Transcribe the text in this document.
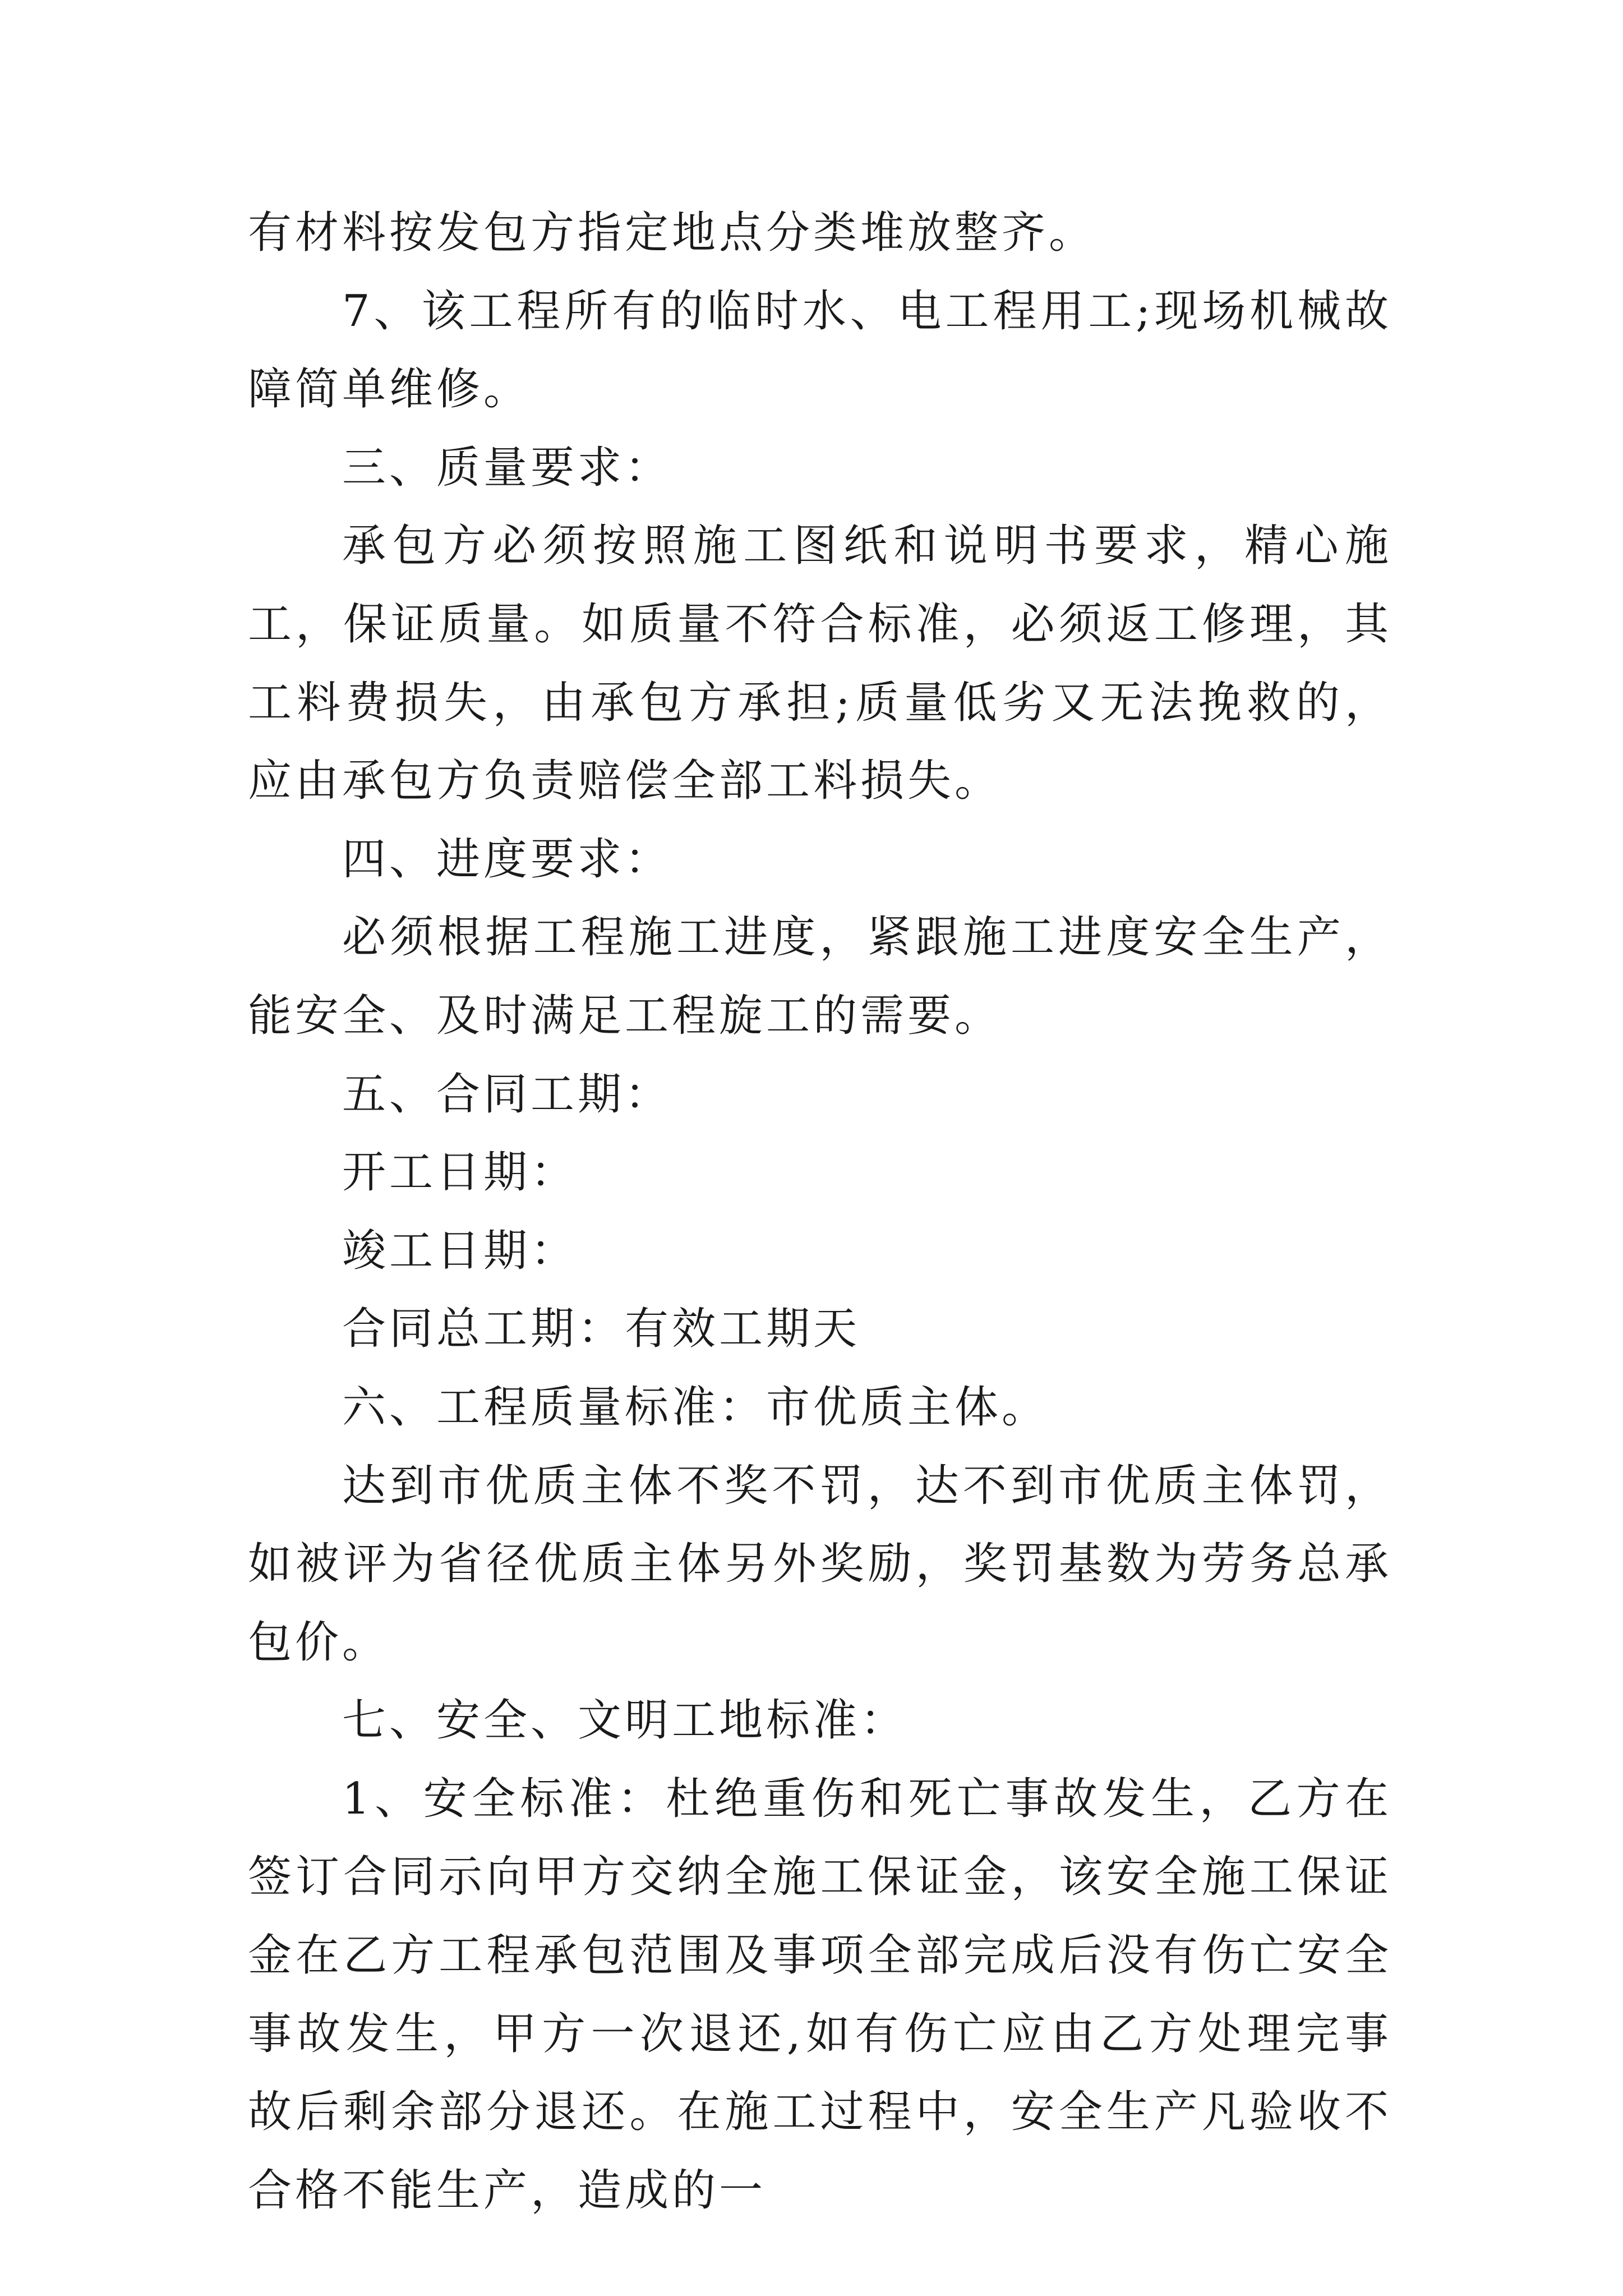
有材料按发包方指定地点分类堆放整齐。

7、该工程所有的临时水、电工程用工;现场机械故障简单维修。

三、质量要求：

承包方必须按照施工图纸和说明书要求，精心施工，保证质量。如质量不符合标准，必须返工修理，其工料费损失，由承包方承担;质量低劣又无法挽救的，应由承包方负责赔偿全部工料损失。

四、进度要求：

必须根据工程施工进度，紧跟施工进度安全生产，能安全、及时满足工程旋工的需要。

五、合同工期：

开工日期：

竣工日期：

合同总工期：有效工期天

六、工程质量标准：市优质主体。

达到市优质主体不奖不罚，达不到市优质主体罚，如被评为省径优质主体另外奖励，奖罚基数为劳务总承包价。

七、安全、文明工地标准：

1、安全标准：杜绝重伤和死亡事故发生，乙方在签订合同示向甲方交纳全施工保证金，该安全施工保证金在乙方工程承包范围及事项全部完成后没有伤亡安全事故发生，甲方一次退还,如有伤亡应由乙方处理完事故后剩余部分退还。在施工过程中，安全生产凡验收不合格不能生产，造成的一
